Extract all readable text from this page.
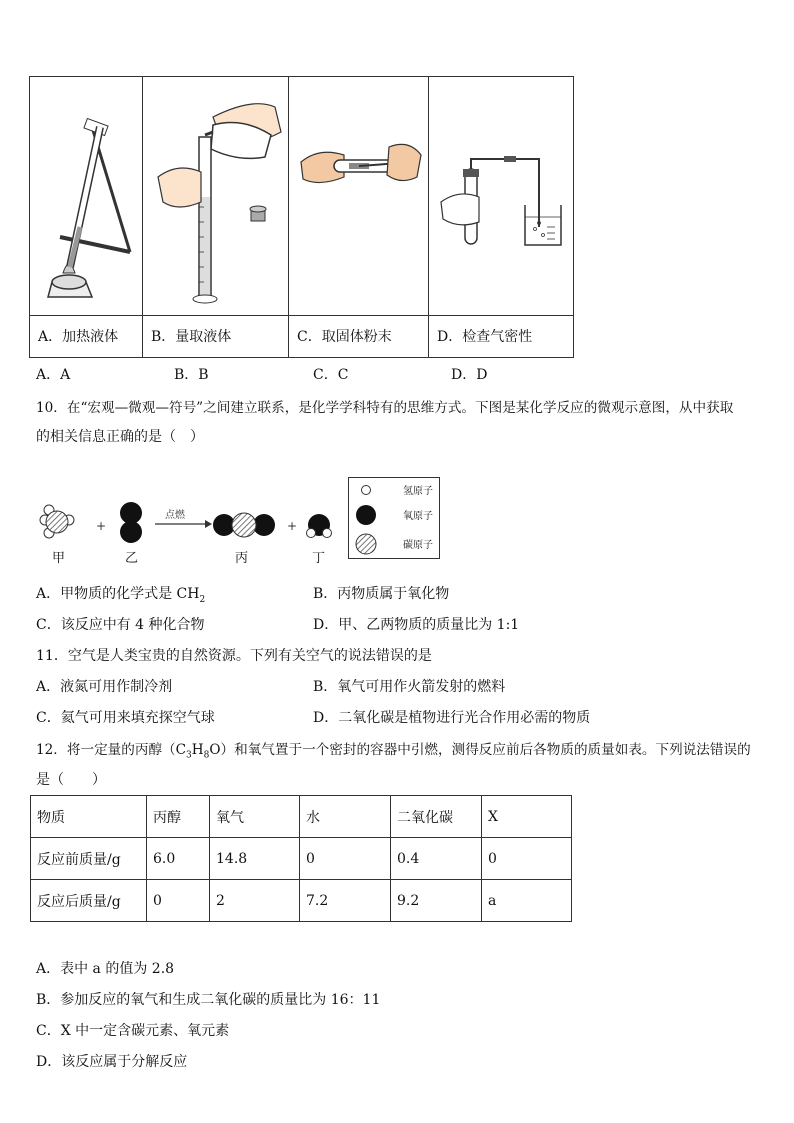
A．加热液体 B．量取液体	C．取固体粉末	D．检查气密性
A．A	B．B	C．C	D．D
10．在“宏观—微观—符号”之间建立联系，是化学学科特有的思维方式。下图是某化学反应的微观示意图，从中获取
的相关信息正确的是（　）
+
点燃
+
甲	乙	丙	丁
氢原子
氧原子
碳原子
A．甲物质的化学式是 $CH_2$	B．丙物质属于氧化物
C．该反应中有 4 种化合物	D．甲、乙两物质的质量比为 1:1
11．空气是人类宝贵的自然资源。下列有关空气的说法错误的是
A．液氮可用作制冷剂	B．氧气可用作火箭发射的燃料
C．氦气可用来填充探空气球	D．二氧化碳是植物进行光合作用必需的物质
12．将一定量的丙醇$(C_3H_8O)$和氧气置于一个密封的容器中引燃，测得反应前后各物质的质量如表。下列说法错误的
是（　　）
物质	丙醇	氧气	水	二氧化碳	X
反应前质量/g	6.0	14.8	0	0.4	0
反应后质量/g	0	2	7.2	9.2	a
A．表中 a 的值为 2.8
B．参加反应的氧气和生成二氧化碳的质量比为 16：11
C．X 中一定含碳元素、氧元素
D．该反应属于分解反应
